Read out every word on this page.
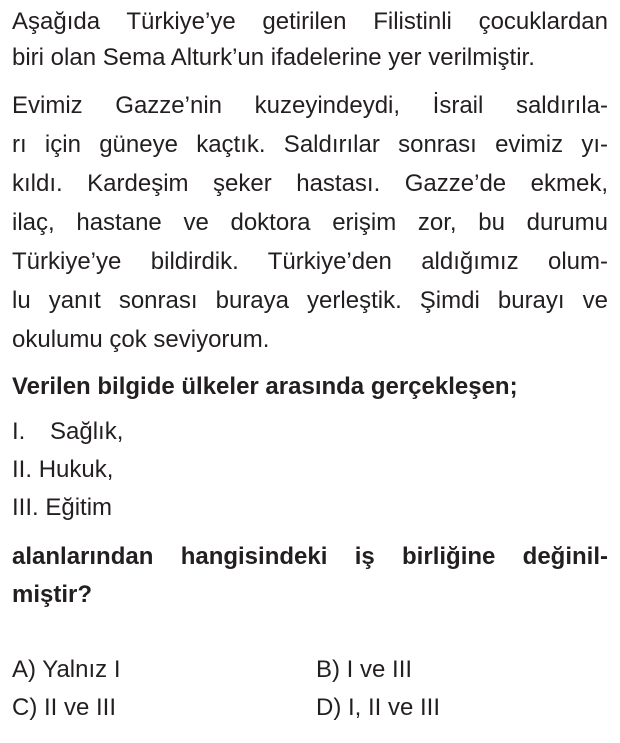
Aşağıda Türkiye’ye getirilen Filistinli çocuklardan
biri olan Sema Alturk’un ifadelerine yer verilmiştir.
Evimiz Gazze’nin kuzeyindeydi, İsrail saldırıla-
rı için güneye kaçtık. Saldırılar sonrası evimiz yı-
kıldı. Kardeşim şeker hastası. Gazze’de ekmek,
ilaç, hastane ve doktora erişim zor, bu durumu
Türkiye’ye bildirdik. Türkiye’den aldığımız olum-
lu yanıt sonrası buraya yerleştik. Şimdi burayı ve
okulumu çok seviyorum.
Verilen bilgide ülkeler arasında gerçekleşen;
I. Sağlık,
II. Hukuk,
III. Eğitim
alanlarından hangisindeki iş birliğine değinil-
miştir?
A) Yalnız I	B) I ve III
C) II ve III	D) I, II ve III
